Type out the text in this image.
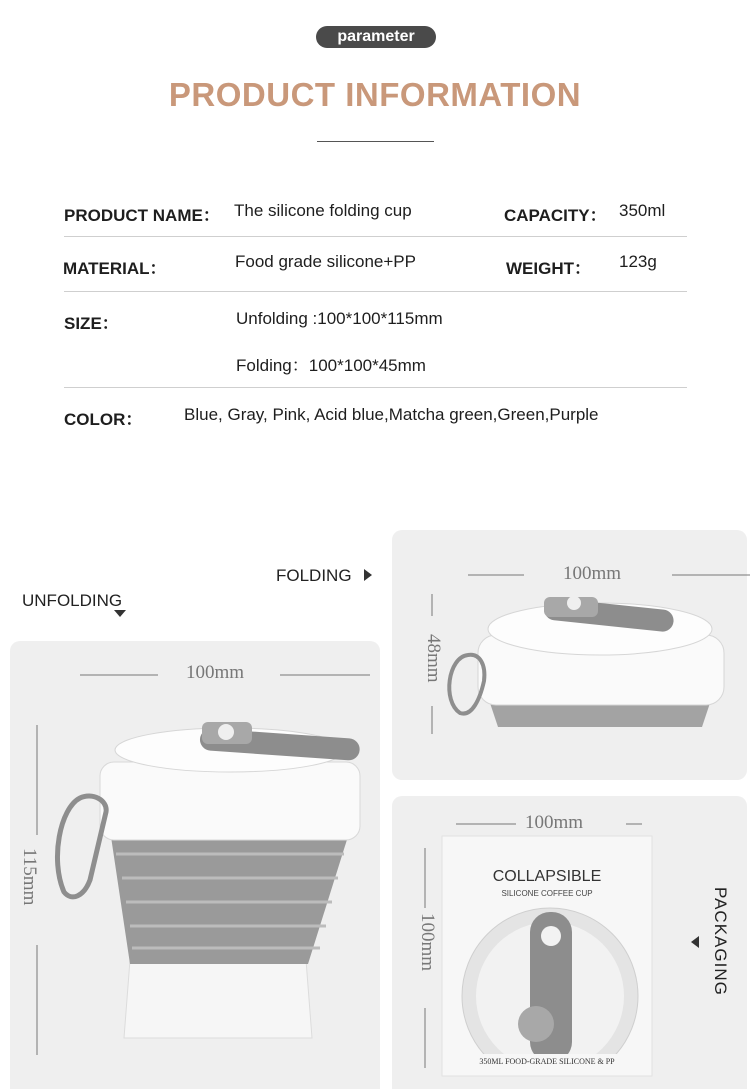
parameter
PRODUCT INFORMATION
PRODUCT NAME： The silicone folding cup	CAPACITY： 350ml
MATERIAL：	Food grade silicone+PP	WEIGHT： 123g
SIZE：	Unfolding :100*100*115mm
Folding：100*100*45mm
COLOR： Blue, Gray, Pink, Acid blue,Matcha green,Green,Purple
UNFOLDING
FOLDING
100mm
115mm
100mm
48mm
COLLAPSIBLE
SILICONE COFFEE CUP
350ML FOOD-GRADE SILICONE & PP
100mm
100mm	PACKAGING
